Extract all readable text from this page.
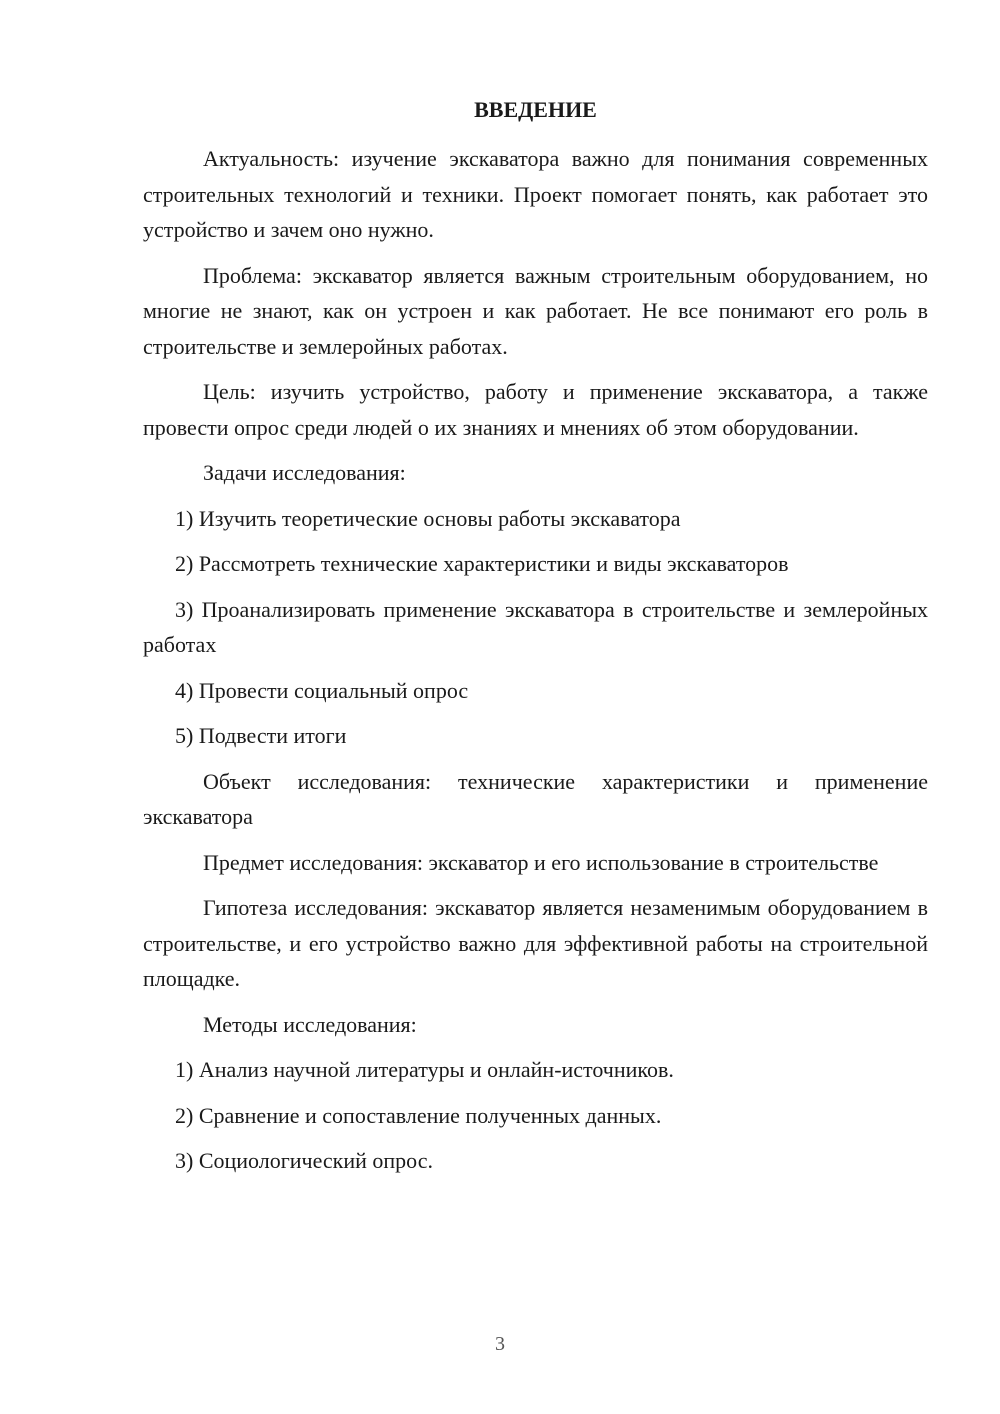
ВВЕДЕНИЕ

Актуальность: изучение экскаватора важно для понимания современных строительных технологий и техники. Проект помогает понять, как работает это устройство и зачем оно нужно.

Проблема: экскаватор является важным строительным оборудованием, но многие не знают, как он устроен и как работает. Не все понимают его роль в строительстве и землеройных работах.

Цель: изучить устройство, работу и применение экскаватора, а также провести опрос среди людей о их знаниях и мнениях об этом оборудовании.

Задачи исследования:

1) Изучить теоретические основы работы экскаватора
2) Рассмотреть технические характеристики и виды экскаваторов
3) Проанализировать применение экскаватора в строительстве и землеройных работах
4) Провести социальный опрос
5) Подвести итоги

Объект исследования: технические характеристики и применение экскаватора

Предмет исследования: экскаватор и его использование в строительстве

Гипотеза исследования: экскаватор является незаменимым оборудованием в строительстве, и его устройство важно для эффективной работы на строительной площадке.

Методы исследования:

1) Анализ научной литературы и онлайн-источников.
2) Сравнение и сопоставление полученных данных.
3) Социологический опрос.
3
